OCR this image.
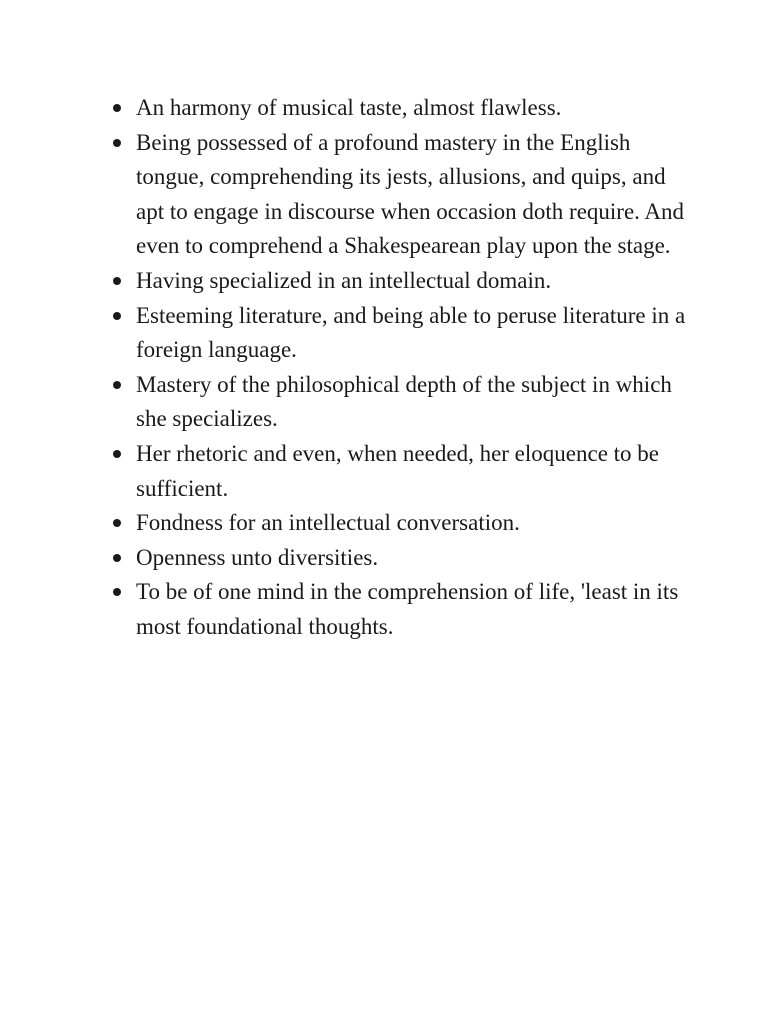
An harmony of musical taste, almost flawless.
Being possessed of a profound mastery in the English tongue, comprehending its jests, allusions, and quips, and apt to engage in discourse when occasion doth require. And even to comprehend a Shakespearean play upon the stage.
Having specialized in an intellectual domain.
Esteeming literature, and being able to peruse literature in a foreign language.
Mastery of the philosophical depth of the subject in which she specializes.
Her rhetoric and even, when needed, her eloquence to be sufficient.
Fondness for an intellectual conversation.
Openness unto diversities.
To be of one mind in the comprehension of life, 'least in its most foundational thoughts.
